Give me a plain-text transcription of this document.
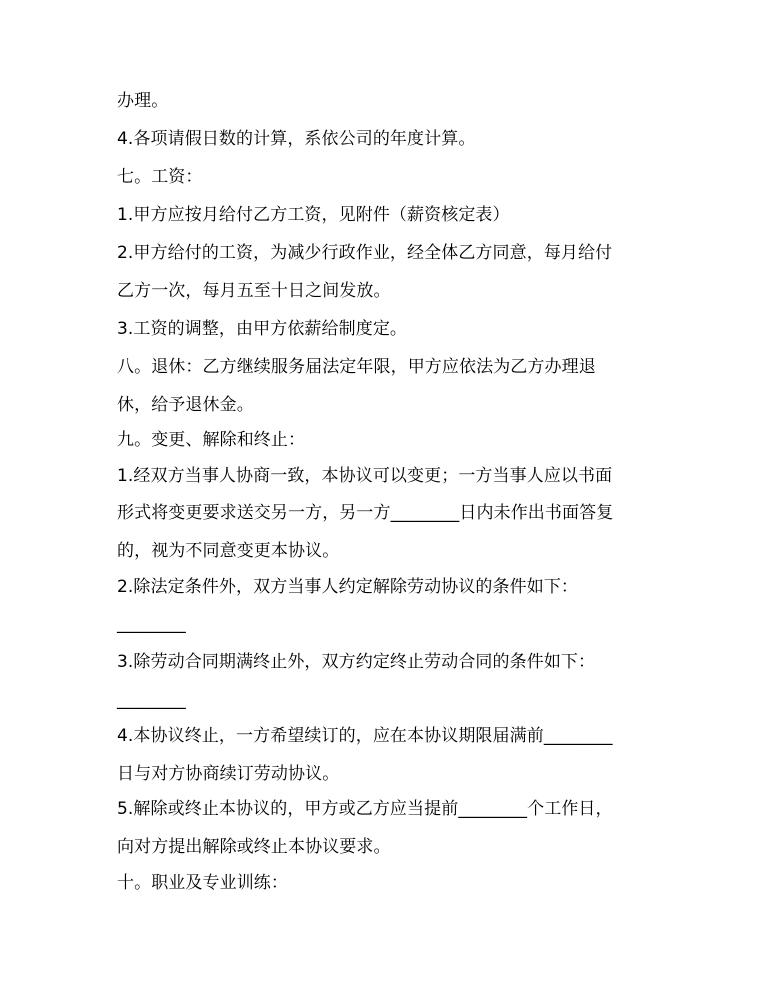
办理。
4.各项请假日数的计算，系依公司的年度计算。
七。工资：
1.甲方应按月给付乙方工资，见附件（薪资核定表）
2.甲方给付的工资，为减少行政作业，经全体乙方同意，每月给付
乙方一次，每月五至十日之间发放。
3.工资的调整，由甲方依薪给制度定。
八。退休：乙方继续服务届法定年限，甲方应依法为乙方办理退
休，给予退休金。
九。变更、解除和终止：
1.经双方当事人协商一致，本协议可以变更；一方当事人应以书面
形式将变更要求送交另一方，另一方________日内未作出书面答复
的，视为不同意变更本协议。
2.除法定条件外，双方当事人约定解除劳动协议的条件如下：
________
3.除劳动合同期满终止外，双方约定终止劳动合同的条件如下：
________
4.本协议终止，一方希望续订的，应在本协议期限届满前________
日与对方协商续订劳动协议。
5.解除或终止本协议的，甲方或乙方应当提前________个工作日，
向对方提出解除或终止本协议要求。
十。职业及专业训练：
